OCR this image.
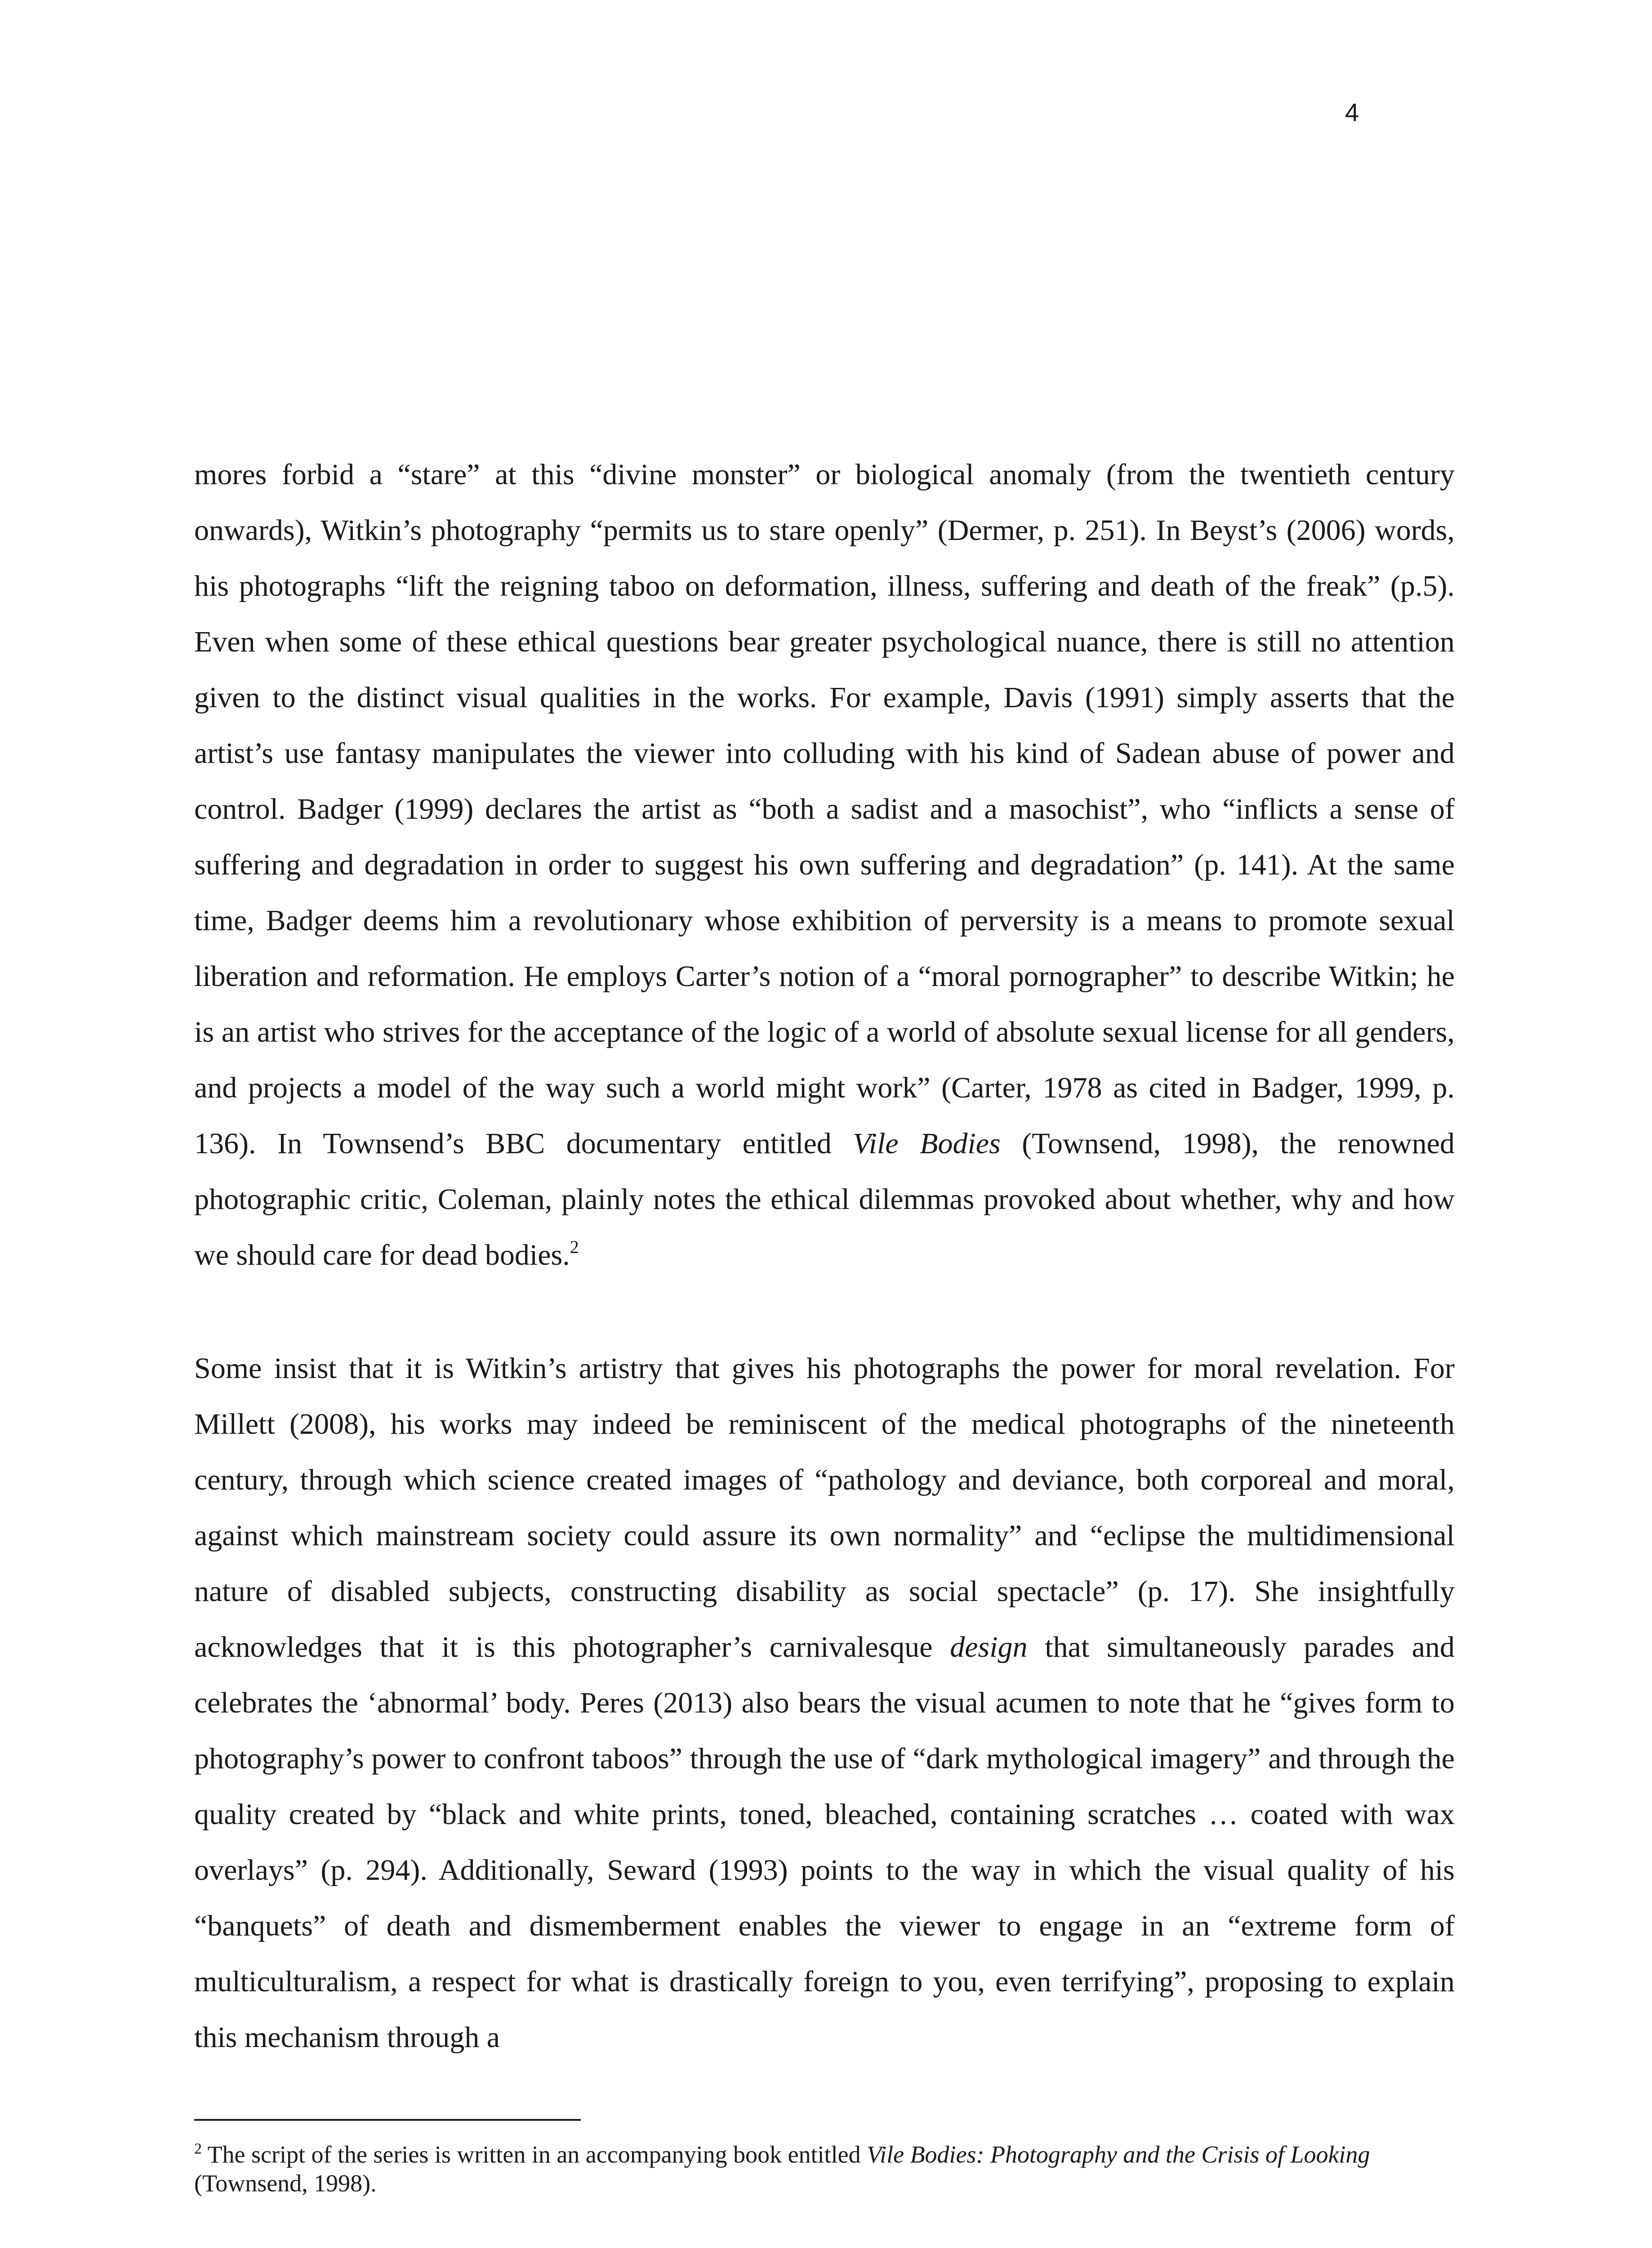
4

mores forbid a “stare” at this “divine monster” or biological anomaly (from the twentieth century onwards), Witkin’s photography “permits us to stare openly” (Dermer, p. 251). In Beyst’s (2006) words, his photographs “lift the reigning taboo on deformation, illness, suffering and death of the freak” (p.5). Even when some of these ethical questions bear greater psychological nuance, there is still no attention given to the distinct visual qualities in the works. For example, Davis (1991) simply asserts that the artist’s use fantasy manipulates the viewer into colluding with his kind of Sadean abuse of power and control. Badger (1999) declares the artist as “both a sadist and a masochist”, who “inflicts a sense of suffering and degradation in order to suggest his own suffering and degradation” (p. 141). At the same time, Badger deems him a revolutionary whose exhibition of perversity is a means to promote sexual liberation and reformation. He employs Carter’s notion of a “moral pornographer” to describe Witkin; he is an artist who strives for the acceptance of the logic of a world of absolute sexual license for all genders, and projects a model of the way such a world might work” (Carter, 1978 as cited in Badger, 1999, p. 136). In Townsend’s BBC documentary entitled Vile Bodies (Townsend, 1998), the renowned photographic critic, Coleman, plainly notes the ethical dilemmas provoked about whether, why and how we should care for dead bodies.$^2$

Some insist that it is Witkin’s artistry that gives his photographs the power for moral revelation. For Millett (2008), his works may indeed be reminiscent of the medical photographs of the nineteenth century, through which science created images of “pathology and deviance, both corporeal and moral, against which mainstream society could assure its own normality” and “eclipse the multidimensional nature of disabled subjects, constructing disability as social spectacle” (p. 17). She insightfully acknowledges that it is this photographer’s carnivalesque design that simultaneously parades and celebrates the ‘abnormal’ body. Peres (2013) also bears the visual acumen to note that he “gives form to photography’s power to confront taboos” through the use of “dark mythological imagery” and through the quality created by “black and white prints, toned, bleached, containing scratches … coated with wax overlays” (p. 294). Additionally, Seward (1993) points to the way in which the visual quality of his “banquets” of death and dismemberment enables the viewer to engage in an “extreme form of multiculturalism, a respect for what is drastically foreign to you, even terrifying”, proposing to explain this mechanism through a

$^2$ The script of the series is written in an accompanying book entitled Vile Bodies: Photography and the Crisis of Looking (Townsend, 1998).
